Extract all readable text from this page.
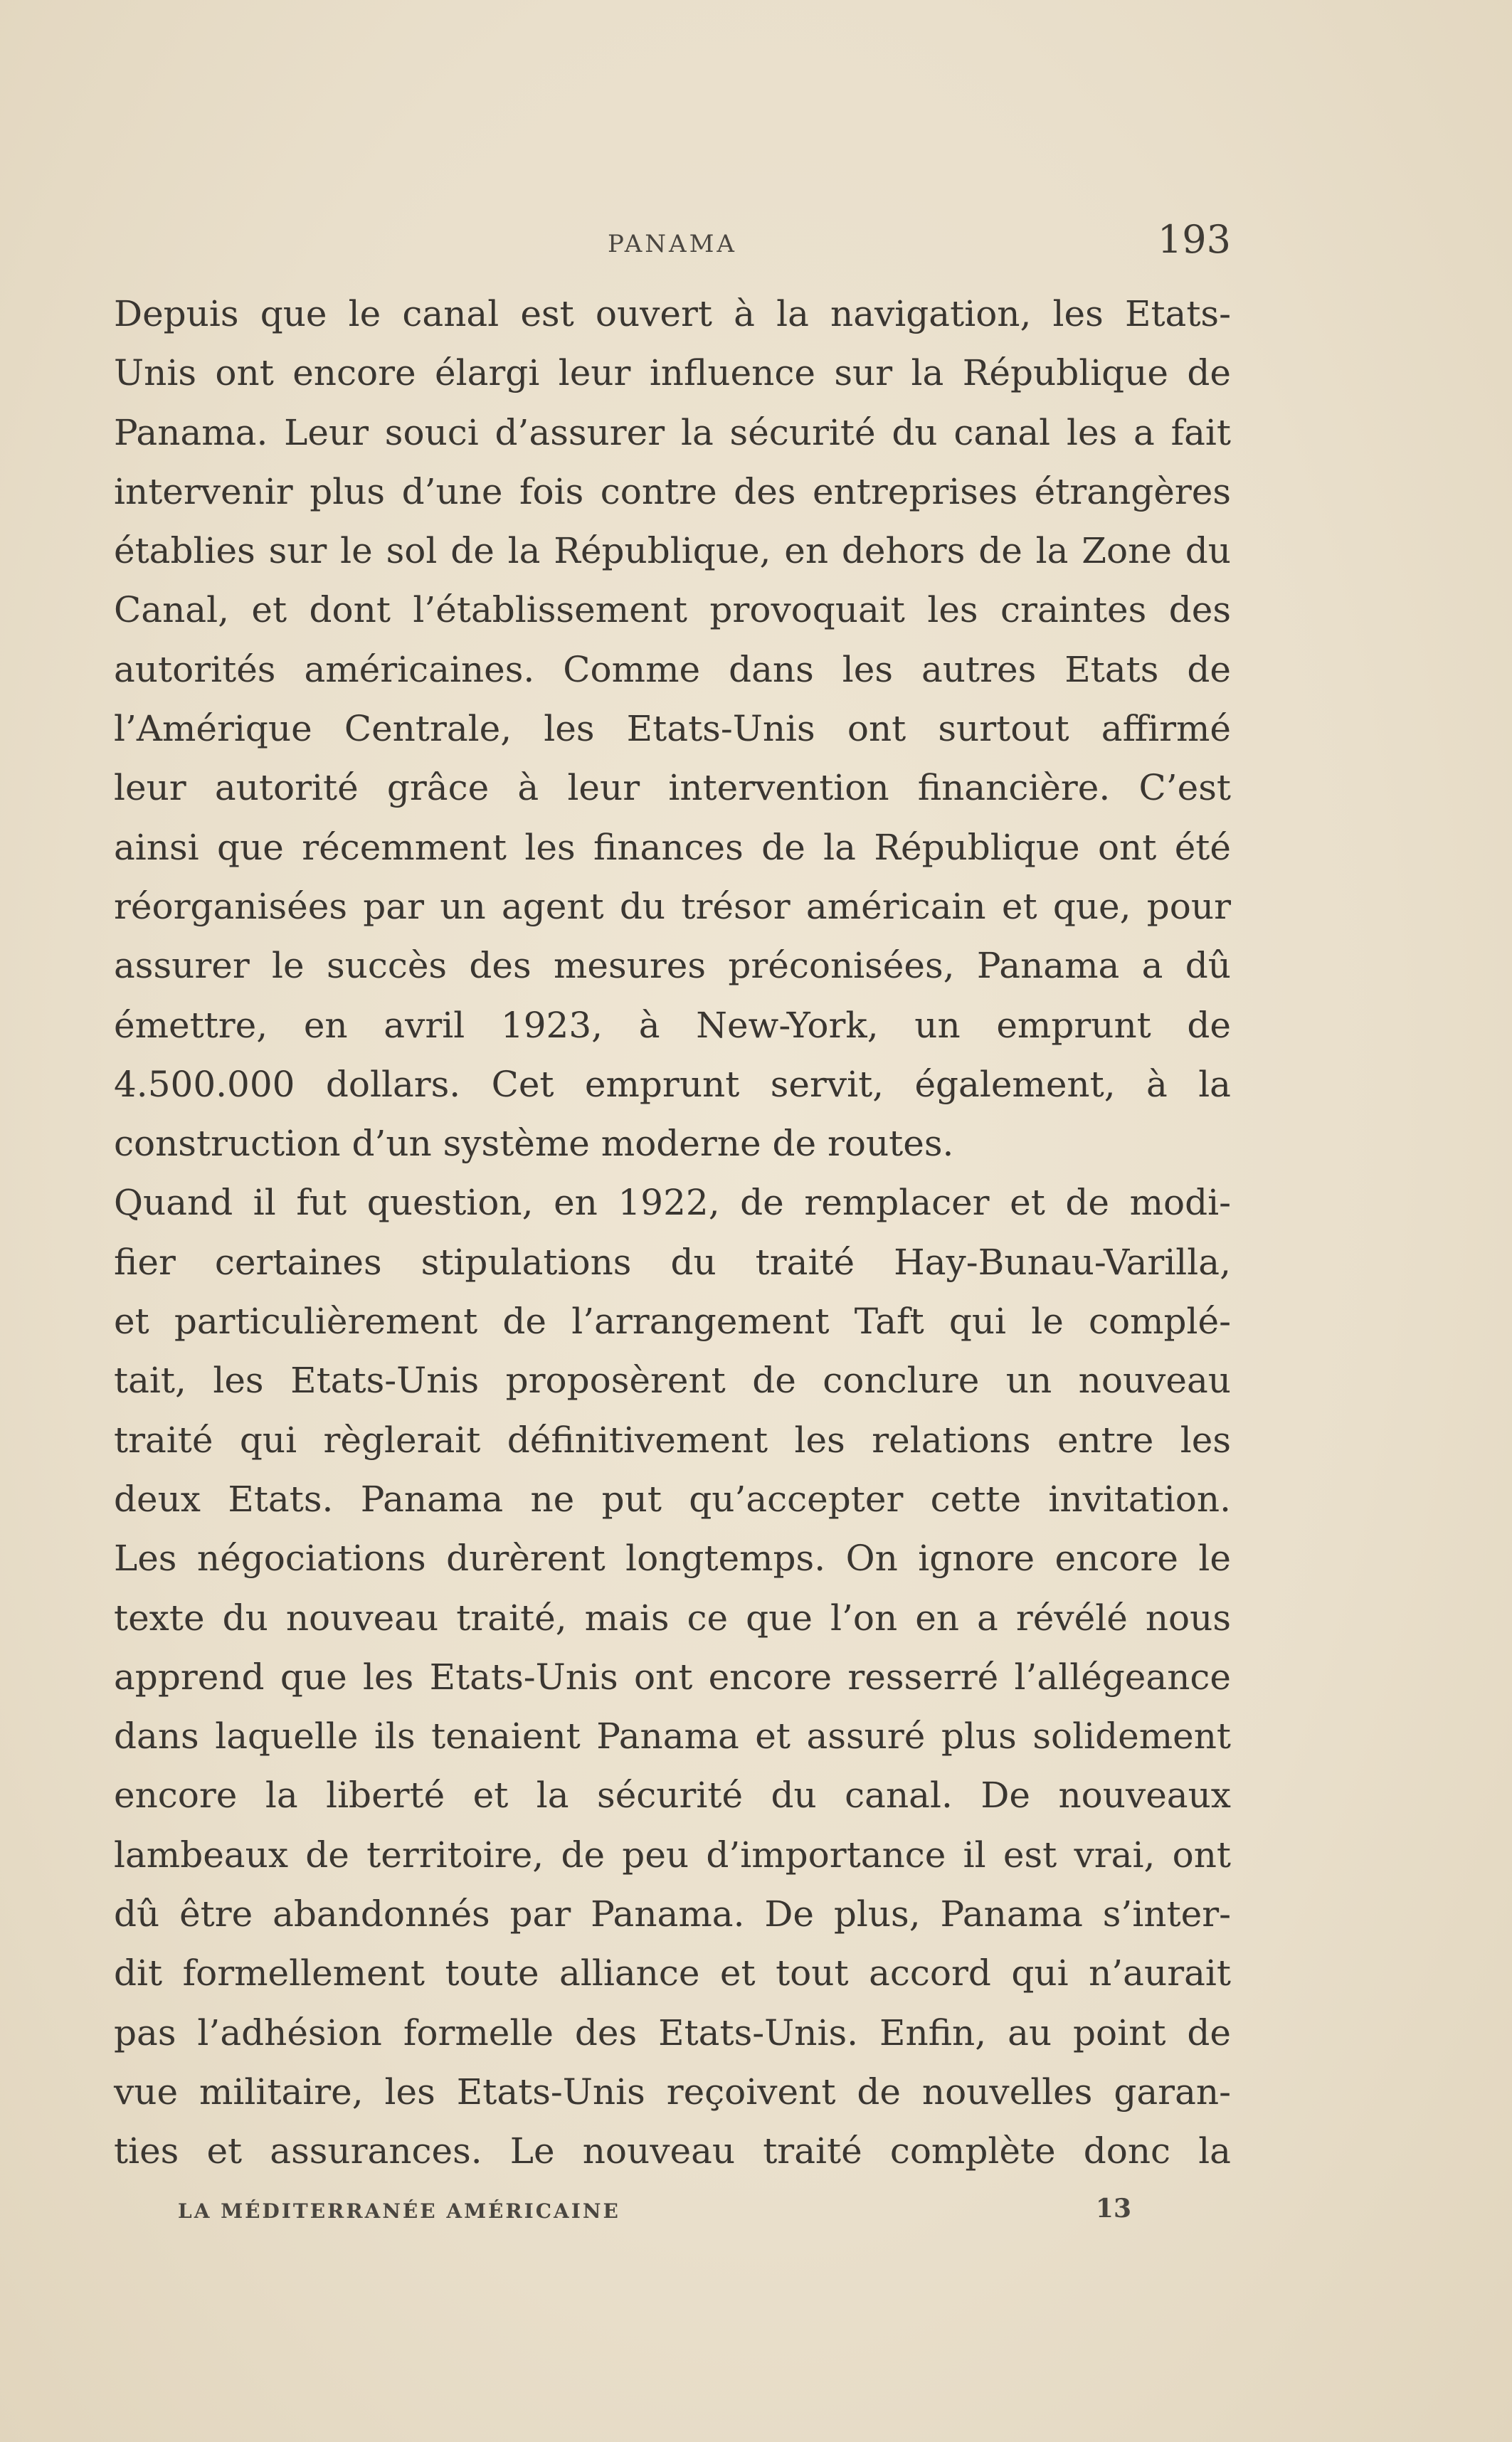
PANAMA	193
Depuis que le canal est ouvert à la navigation, les Etats-
Unis ont encore élargi leur influence sur la République de
Panama. Leur souci d’assurer la sécurité du canal les a fait
intervenir plus d’une fois contre des entreprises étrangères
établies sur le sol de la République, en dehors de la Zone du
Canal, et dont l’établissement provoquait les craintes des
autorités américaines. Comme dans les autres Etats de
l’Amérique Centrale, les Etats-Unis ont surtout affirmé
leur autorité grâce à leur intervention financière. C’est
ainsi que récemment les finances de la République ont été
réorganisées par un agent du trésor américain et que, pour
assurer le succès des mesures préconisées, Panama a dû
émettre, en avril 1923, à New-York, un emprunt de
4.500.000 dollars. Cet emprunt servit, également, à la
construction d’un système moderne de routes.
Quand il fut question, en 1922, de remplacer et de modi-
fier certaines stipulations du traité Hay-Bunau-Varilla,
et particulièrement de l’arrangement Taft qui le complé-
tait, les Etats-Unis proposèrent de conclure un nouveau
traité qui règlerait définitivement les relations entre les
deux Etats. Panama ne put qu’accepter cette invitation.
Les négociations durèrent longtemps. On ignore encore le
texte du nouveau traité, mais ce que l’on en a révélé nous
apprend que les Etats-Unis ont encore resserré l’allégeance
dans laquelle ils tenaient Panama et assuré plus solidement
encore la liberté et la sécurité du canal. De nouveaux
lambeaux de territoire, de peu d’importance il est vrai, ont
dû être abandonnés par Panama. De plus, Panama s’inter-
dit formellement toute alliance et tout accord qui n’aurait
pas l’adhésion formelle des Etats-Unis. Enfin, au point de
vue militaire, les Etats-Unis reçoivent de nouvelles garan-
ties et assurances. Le nouveau traité complète donc la
LA MÉDITERRANÉE AMÉRICAINE	13
